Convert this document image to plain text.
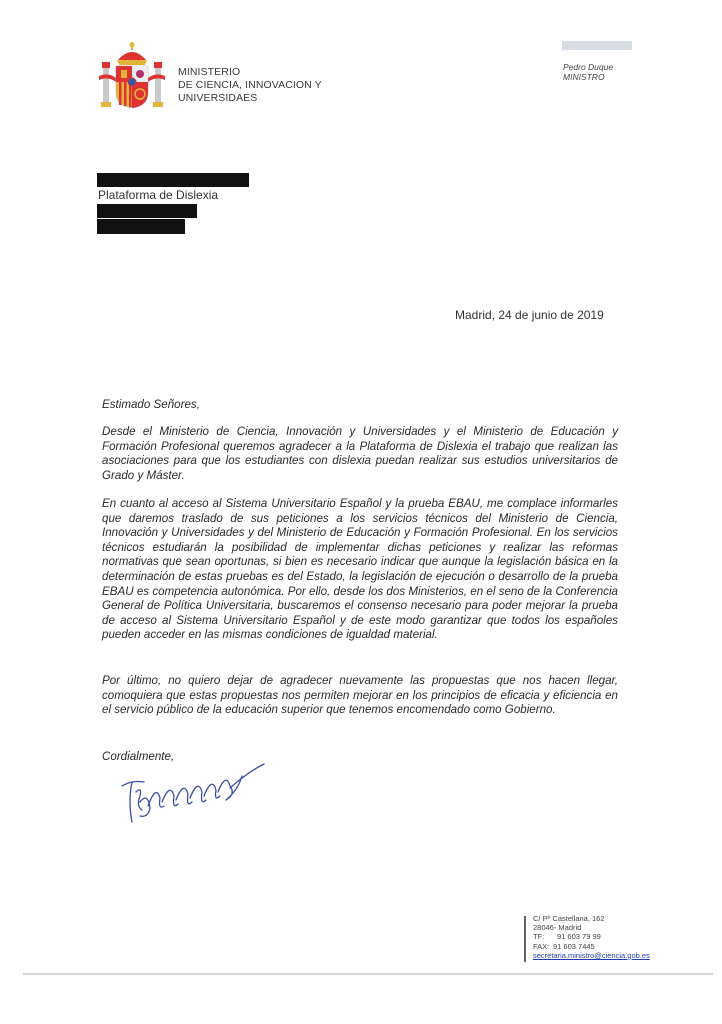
MINISTERIO
DE CIENCIA, INNOVACION Y
UNIVERSIDAES
Pedro Duque
MINISTRO
Plataforma de Dislexia
Madrid, 24 de junio de 2019
Estimado Señores,
Desde el Ministerio de Ciencia, Innovación y Universidades y el Ministerio de Educación y Formación Profesional queremos agradecer a la Plataforma de Dislexia el trabajo que realizan las asociaciones para que los estudiantes con dislexia puedan realizar sus estudios universitarios de Grado y Máster.
En cuanto al acceso al Sistema Universitario Español y la prueba EBAU, me complace informarles que daremos traslado de sus peticiones a los servicios técnicos del Ministerio de Ciencia, Innovación y Universidades y del Ministerio de Educación y Formación Profesional. En los servicios técnicos estudiarán la posibilidad de implementar dichas peticiones y realizar las reformas normativas que sean oportunas, si bien es necesario indicar que aunque la legislación básica en la determinación de estas pruebas es del Estado, la legislación de ejecución o desarrollo de la prueba EBAU es competencia autonómica. Por ello, desde los dos Ministerios, en el seno de la Conferencia General de Política Universitaria, buscaremos el consenso necesario para poder mejorar la prueba de acceso al Sistema Universitario Español y de este modo garantizar que todos los españoles pueden acceder en las mismas condiciones de igualdad material.
Por último, no quiero dejar de agradecer nuevamente las propuestas que nos hacen llegar, comoquiera que estas propuestas nos permiten mejorar en los principios de eficacia y eficiencia en el servicio público de la educación superior que tenemos encomendado como Gobierno.
Cordialmente,
C/ Pº Castellana, 162
28046- Madrid
TF: 91 603 79 99
FAX: 91 603 7445
secretaria.ministro@ciencia.gob.es
